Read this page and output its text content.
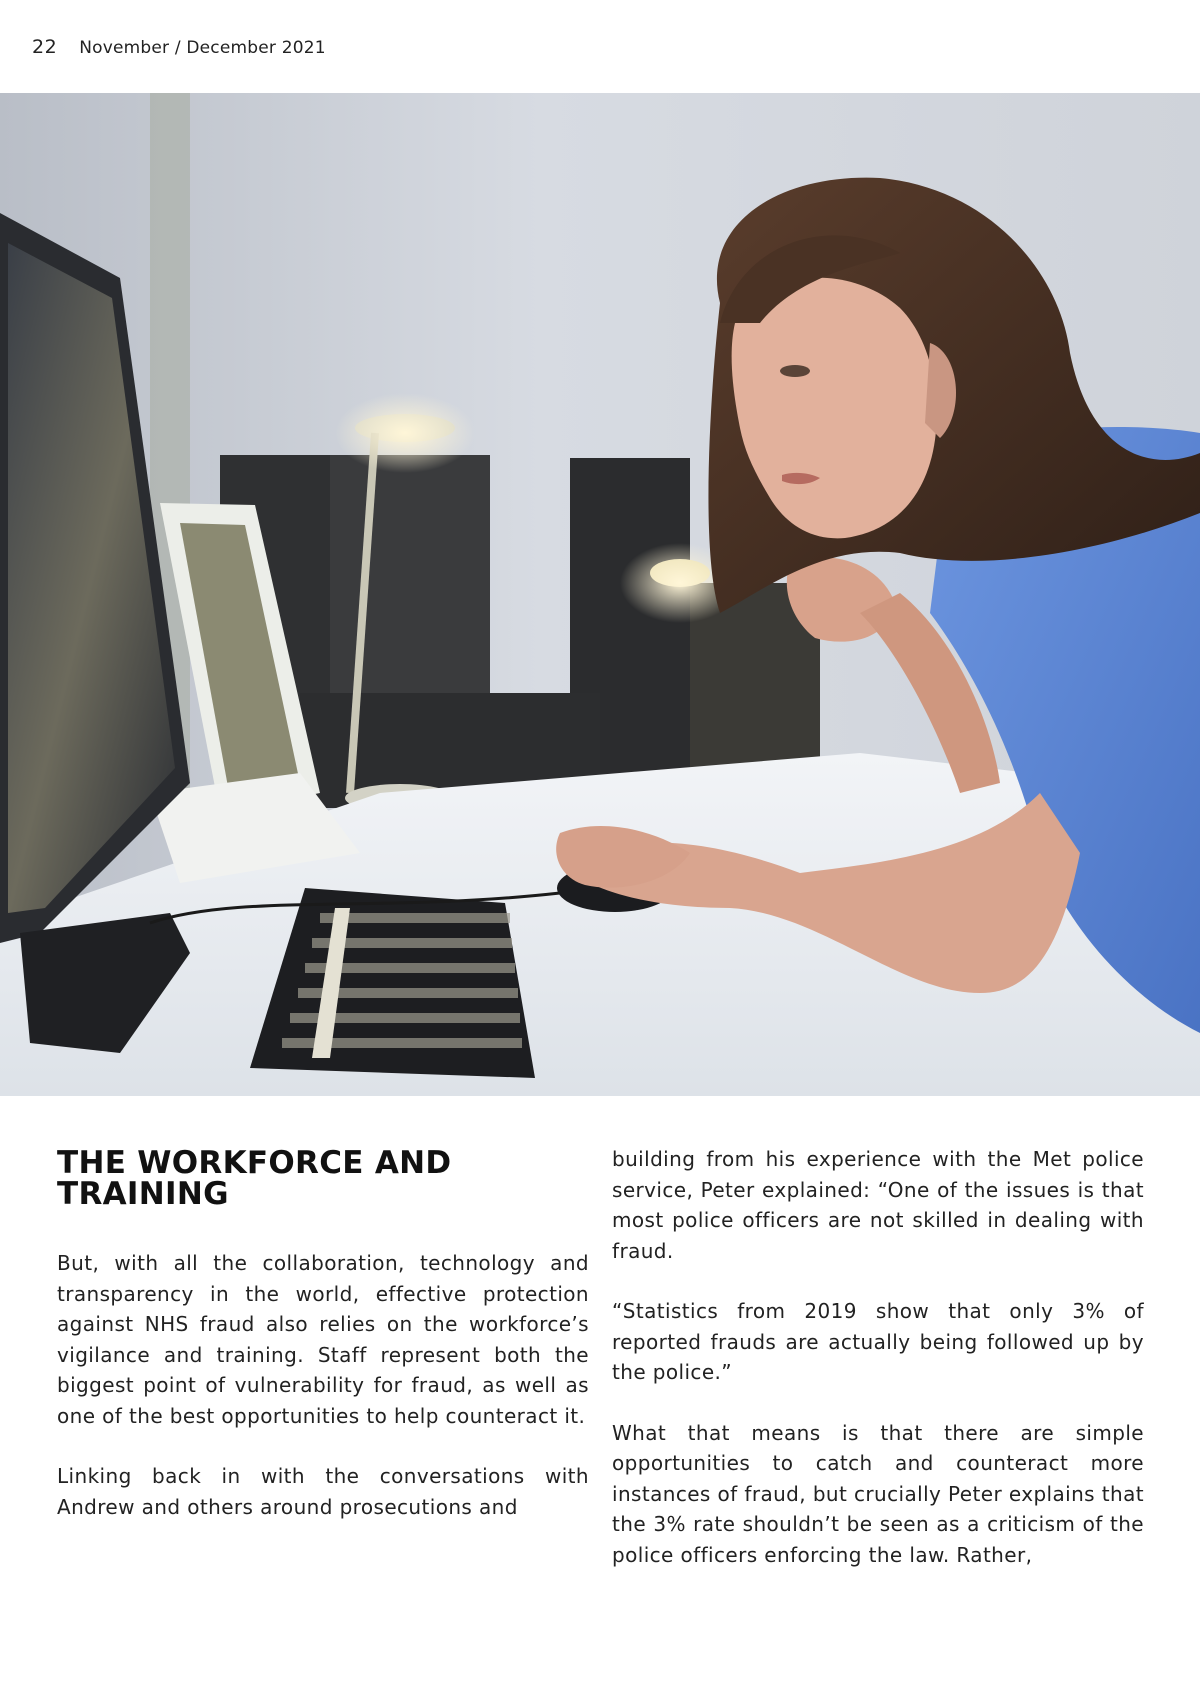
22 November / December 2021
THE WORKFORCE AND TRAINING

But, with all the collaboration, technology and transparency in the world, effective protection against NHS fraud also relies on the workforce’s vigilance and training. Staff represent both the biggest point of vulnerability for fraud, as well as one of the best opportunities to help counteract it.

Linking back in with the conversations with Andrew and others around prosecutions and

building from his experience with the Met police service, Peter explained: “One of the issues is that most police officers are not skilled in dealing with fraud.

“Statistics from 2019 show that only 3% of reported frauds are actually being followed up by the police.”

What that means is that there are simple opportunities to catch and counteract more instances of fraud, but crucially Peter explains that the 3% rate shouldn’t be seen as a criticism of the police officers enforcing the law. Rather,
